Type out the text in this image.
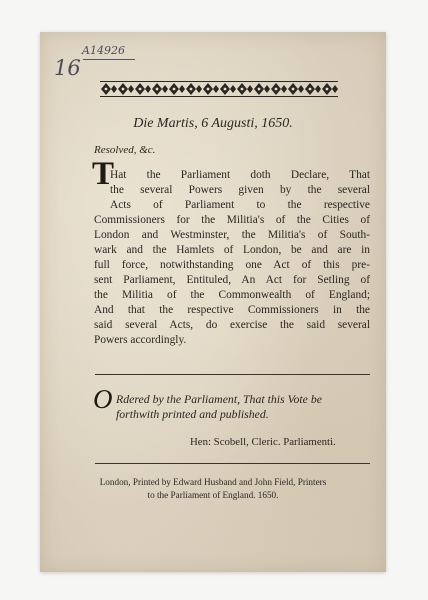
16
A14926
Die Martis, 6 Augusti, 1650.
Resolved, &c.
T
Hat the Parliament doth Declare, That
the several Powers given by the several
Acts of Parliament to the respective
Commissioners for the Militia's of the Cities of
London and Westminster, the Militia's of South-
wark and the Hamlets of London, be and are in
full force, notwithstanding one Act of this pre-
sent Parliament, Entituled, An Act for Setling of
the Militia of the Commonwealth of England;
And that the respective Commissioners in the
said several Acts, do exercise the said several
Powers accordingly.
O Rdered by the Parliament, That this Vote be
forthwith printed and published.
Hen: Scobell, Cleric. Parliamenti.
London, Printed by Edward Husband and John Field, Printers
to the Parliament of England. 1650.
